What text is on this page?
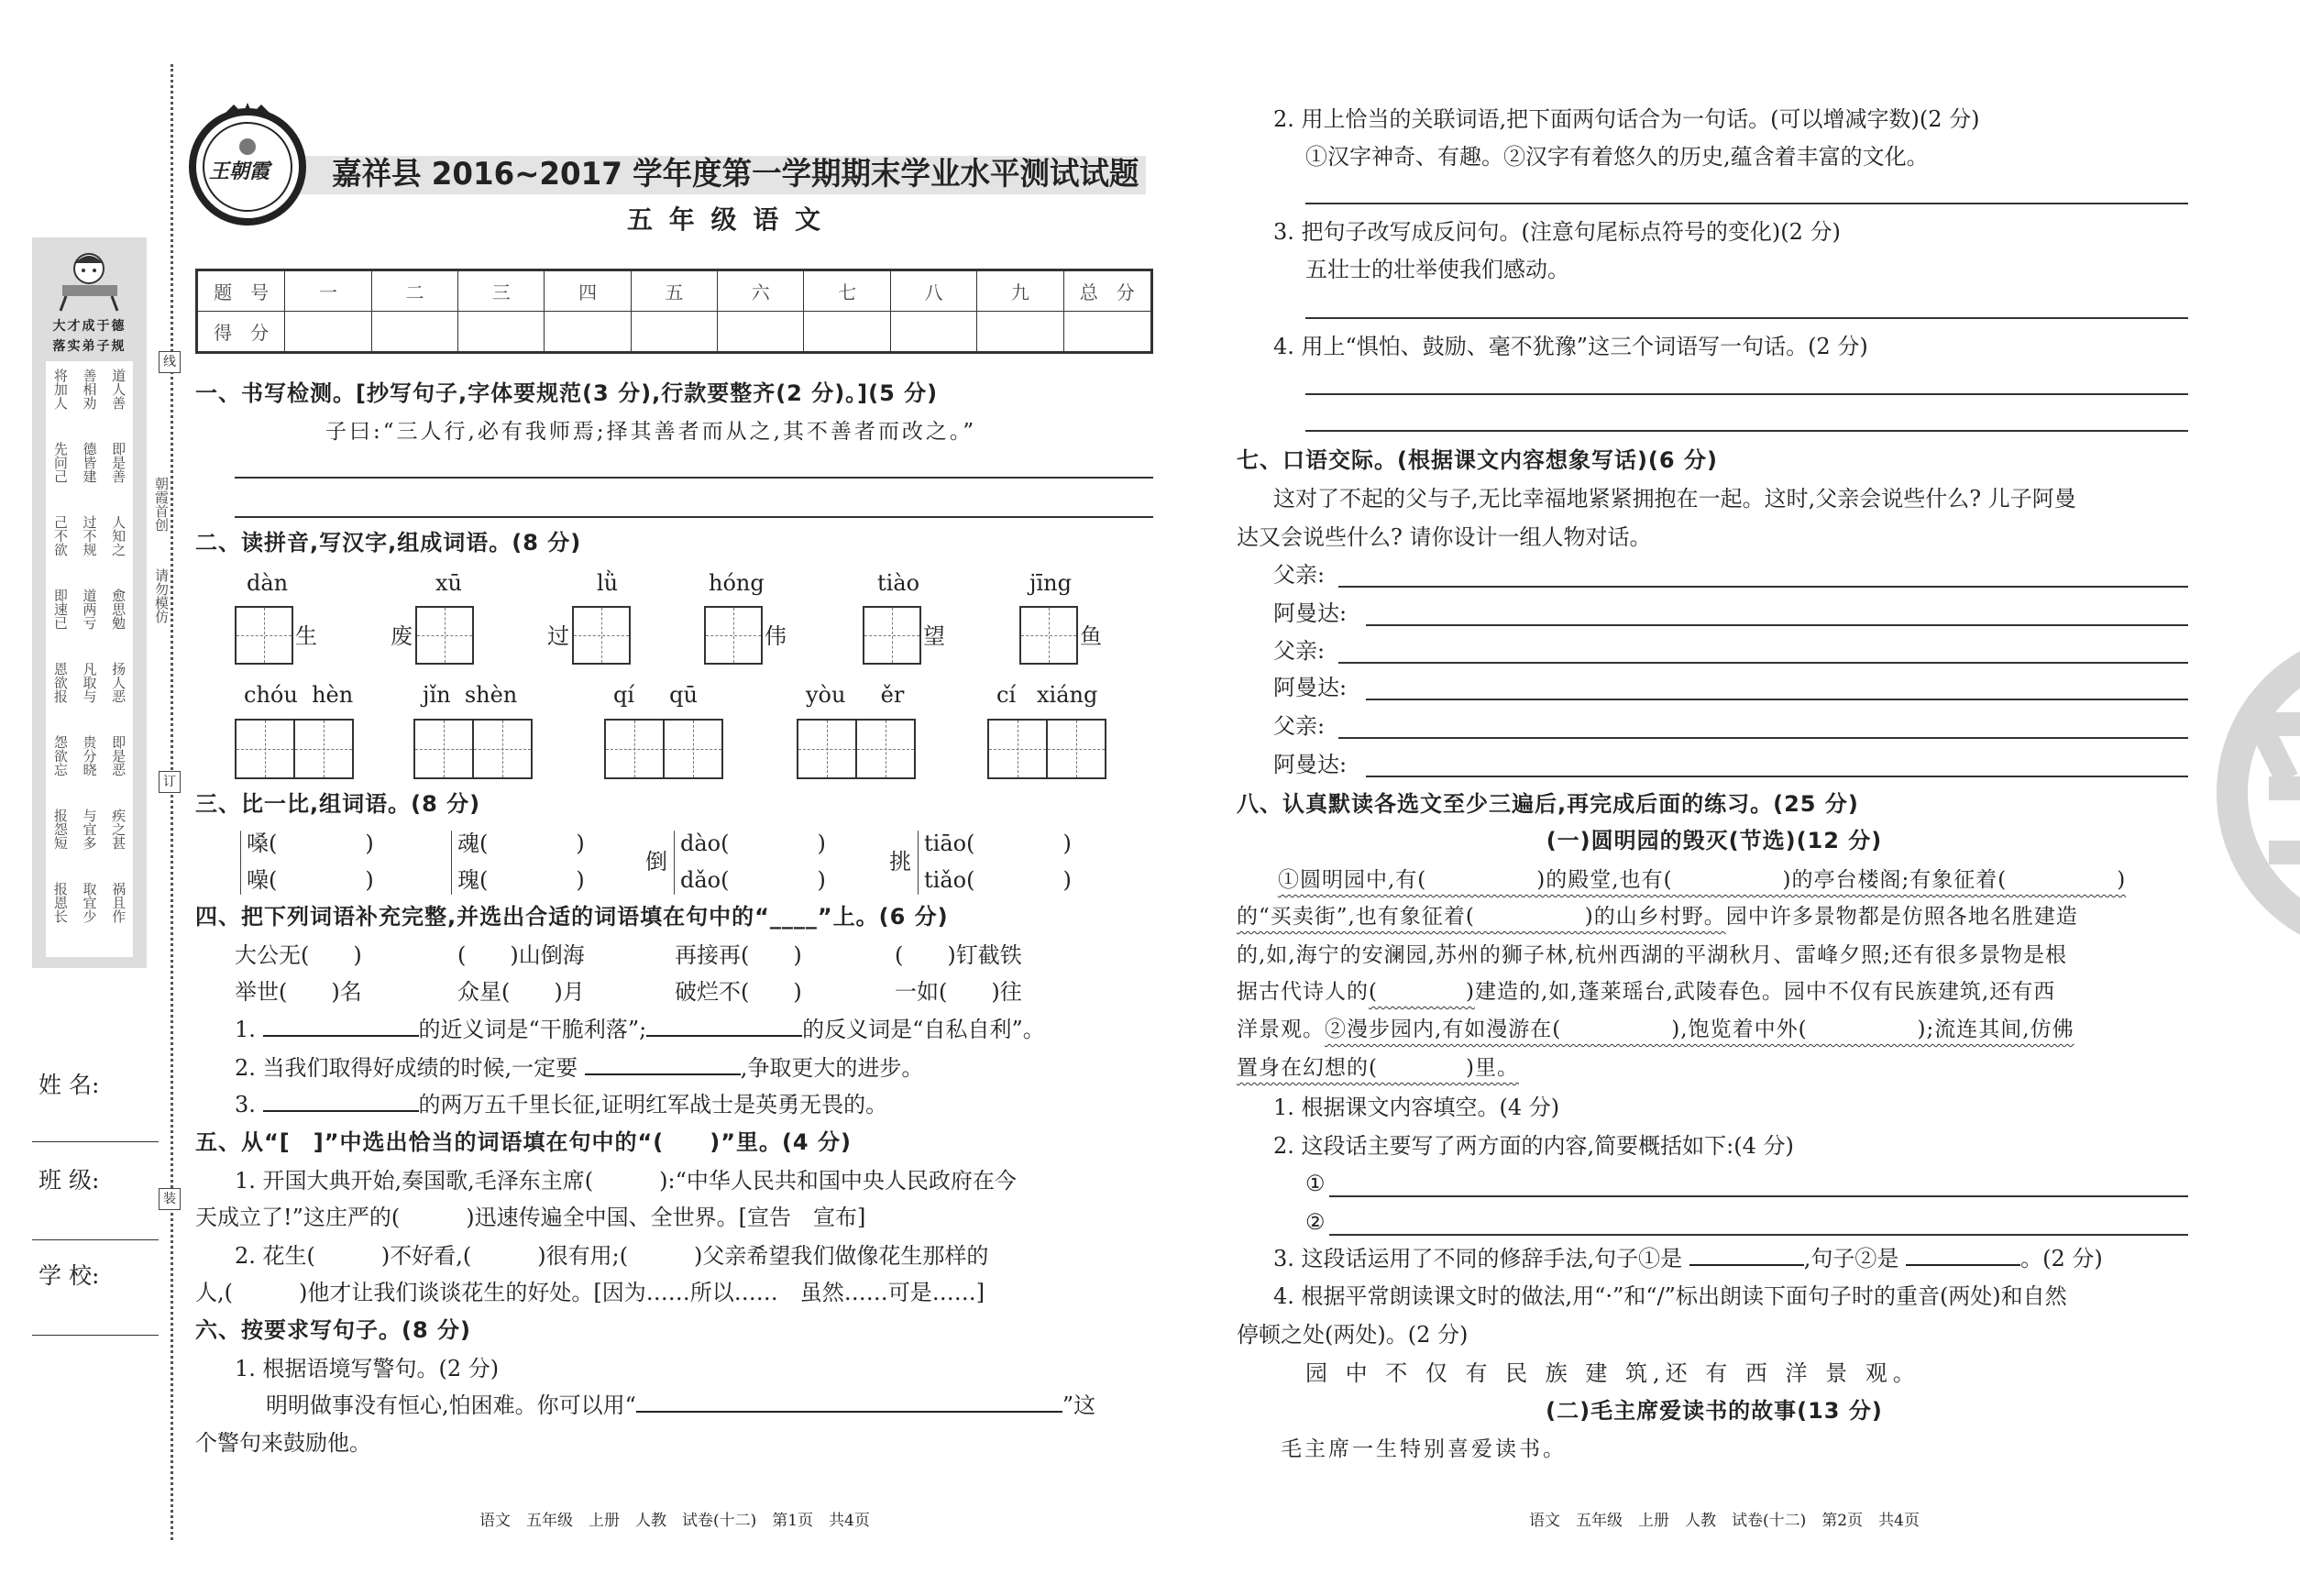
大才成于德
落实弟子规
将加人 善相劝 道人善
先问己 德皆建 即是善
己不欲 过不规 人知之
即速已 道两亏 愈思勉
恩欲报 凡取与 扬人恶
怨欲忘 贵分晓 即是恶
报怨短 与宜多 疾之甚
报恩长 取宜少 祸且作
线
订
装
朝霞首创
请勿模仿
姓 名:
班 级:
学 校:
王朝霞 嘉祥县 2016~2017 学年度第一学期期末学业水平测试试题
五 年 级 语 文
题　号	一	二	三	四	五	六	七	八	九	总　分
得　分										
一、书写检测。[抄写句子,字体要规范(3 分),行款要整齐(2 分)。](5 分)
子曰:“三人行,必有我师焉;择其善者而从之,其不善者而改之。”
二、读拼音,写汉字,组成词语。(8 分)
dàn
生
xū
废
lǜ
过
hóng
伟
tiào
望
jīng
鱼
chóu  hèn	jǐn  shèn	qí     qū	yòu     ěr	cí   xiáng
三、比一比,组词语。(8 分)
嗓(　　　　)
噪(　　　　)
魂(　　　　)
瑰(　　　　)
倒
dào(　　　　)
dǎo(　　　　)
挑
tiāo(　　　　)
tiǎo(　　　　)
四、把下列词语补充完整,并选出合适的词语填在句中的“____”上。(6 分)
大公无(　　)	(　　)山倒海	再接再(　　)	(　　)钉截铁
举世(　　)名	众星(　　)月	破烂不(　　)	一如(　　)往
1.	的近义词是“干脆利落”;	的反义词是“自私自利”。
2. 当我们取得好成绩的时候,一定要	,争取更大的进步。
3.	的两万五千里长征,证明红军战士是英勇无畏的。
五、从“[　]”中选出恰当的词语填在句中的“(　　)”里。(4 分)
1. 开国大典开始,奏国歌,毛泽东主席(　　　):“中华人民共和国中央人民政府在今
天成立了!”这庄严的(　　　)迅速传遍全中国、全世界。[宣告　宣布]
2. 花生(　　　)不好看,(　　　)很有用;(　　　)父亲希望我们做像花生那样的
人,(　　　)他才让我们谈谈花生的好处。[因为……所以……　虽然……可是……]
六、按要求写句子。(8 分)
1. 根据语境写警句。(2 分)
明明做事没有恒心,怕困难。你可以用“	”这
个警句来鼓励他。
语文　五年级　上册　人教　试卷(十二)　第1页　共4页
2. 用上恰当的关联词语,把下面两句话合为一句话。(可以增减字数)(2 分)
①汉字神奇、有趣。②汉字有着悠久的历史,蕴含着丰富的文化。
3. 把句子改写成反问句。(注意句尾标点符号的变化)(2 分)
五壮士的壮举使我们感动。
4. 用上“惧怕、鼓励、毫不犹豫”这三个词语写一句话。(2 分)
七、口语交际。(根据课文内容想象写话)(6 分)
这对了不起的父与子,无比幸福地紧紧拥抱在一起。这时,父亲会说些什么? 儿子阿曼
达又会说些什么? 请你设计一组人物对话。
父亲:
阿曼达:
父亲:
阿曼达:
父亲:
阿曼达:
八、认真默读各选文至少三遍后,再完成后面的练习。(25 分)
(一)圆明园的毁灭(节选)(12 分)
①圆明园中,有(　　　　　)的殿堂,也有(　　　　　)的亭台楼阁;有象征着(　　　　　)
的“买卖街”,也有象征着(　　　　　)的山乡村野。园中许多景物都是仿照各地名胜建造
的,如,海宁的安澜园,苏州的狮子林,杭州西湖的平湖秋月、雷峰夕照;还有很多景物是根
据古代诗人的(　　　　)建造的,如,蓬莱瑶台,武陵春色。园中不仅有民族建筑,还有西
洋景观。②漫步园内,有如漫游在(　　　　　),饱览着中外(　　　　　);流连其间,仿佛
置身在幻想的(　　　　)里。
1. 根据课文内容填空。(4 分)
2. 这段话主要写了两方面的内容,简要概括如下:(4 分)
①
②
3. 这段话运用了不同的修辞手法,句子①是	,句子②是	。(2 分)
4. 根据平常朗读课文时的做法,用“·”和“/”标出朗读下面句子时的重音(两处)和自然
停顿之处(两处)。(2 分)
园 中 不 仅 有 民 族 建 筑,还 有 西 洋 景 观。
(二)毛主席爱读书的故事(13 分)
毛主席一生特别喜爱读书。
语文　五年级　上册　人教　试卷(十二)　第2页　共4页
